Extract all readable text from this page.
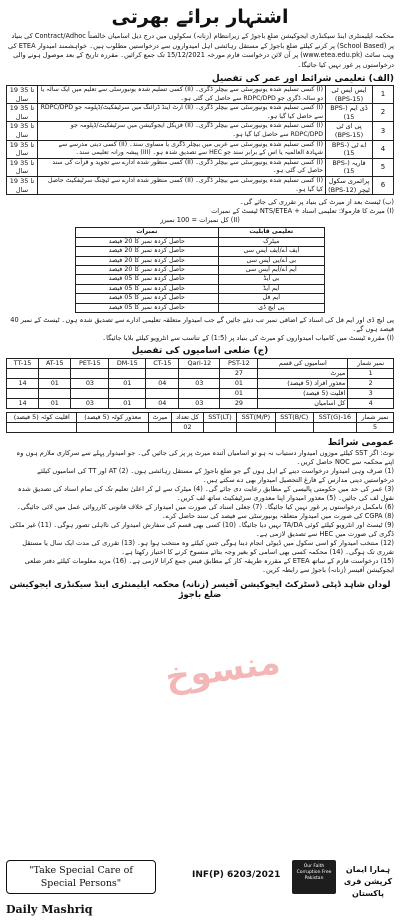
اشتہار برائے بھرتی
محکمہ ایلیمنٹری اینڈ سیکنڈری ایجوکیشن ضلع باجوڑ کے زیرانتظام (زنانہ) سکولوں میں درج ذیل اسامیاں خالصتاً Contract/Adhoc کی بنیاد پر (School Based) پر کرنے کیلئے ضلع باجوڑ کے مستقل رہائشی اہل امیدواروں سے درخواستیں مطلوب ہیں۔ خواہشمند امیدوار ETEA کی ویب سائٹ (www.etea.edu.pk) پر آن لائن درخواست فارم مورخہ 15/12/2021 تک جمع کرائیں۔ مقررہ تاریخ کے بعد موصول ہونے والی درخواستوں پر غور نہیں کیا جائیگا۔
(الف) تعلیمی شرائط اور عمر کی تفصیل
1	ایس ایس ٹی (BPS-15)	(I) کسی تسلیم شدہ یونیورسٹی سے بیچلر ڈگری۔ (II) کسی تسلیم شدہ یونیورسٹی سے تعلیم میں ایک سالہ یا دو سالہ ڈگری جو RDPC/DPD سے حاصل کی گئی ہو۔	19 تا 35 سال
2	ڈی ایم (BPS-15)	(I) کسی تسلیم شدہ یونیورسٹی سے بیچلر ڈگری۔ (II) آرٹ اینڈ ڈرائنگ میں سرٹیفکیٹ/ڈپلومہ جو RDPC/DPD سے حاصل کیا گیا ہو۔	19 تا 35 سال
3	پی ای ٹی (BPS-15)	(I) کسی تسلیم شدہ یونیورسٹی سے بیچلر ڈگری۔ (II) فزیکل ایجوکیشن میں سرٹیفکیٹ/ڈپلومہ جو RDPC/DPD سے حاصل کیا گیا ہو۔	19 تا 35 سال
4	اے ٹی (BPS-15)	(I) کسی تسلیم شدہ یونیورسٹی سے عربی میں بیچلر ڈگری یا مساوی سند۔ (II) کسی دینی مدرسے سے شہادۃ العالمیہ یا اس کے برابر سند جو HEC سے تصدیق شدہ ہو۔ (III) پیشہ ورانہ تعلیمی سند۔	19 تا 35 سال
5	قاریہ (BPS-15)	(I) کسی تسلیم شدہ یونیورسٹی سے بیچلر ڈگری۔ (II) کسی منظور شدہ ادارے سے تجوید و قرأت کی سند حاصل کی گئی ہو۔	19 تا 35 سال
6	پرائمری سکول ٹیچر (BPS-12)	(I) کسی تسلیم شدہ یونیورسٹی سے بیچلر ڈگری۔ (II) کسی منظور شدہ ادارے سے ٹیچنگ سرٹیفکیٹ حاصل کیا گیا ہو۔	19 تا 35 سال
(ب) ٹیسٹ بعد از میرٹ کی بنیاد پر تقرری کی جائے گی۔
(I) میرٹ کا فارمولا: تعلیمی اسناد + NTS/ETEA ٹیسٹ کے نمبرات
(II) کل نمبرات = 100 نمبرز
تعلیمی قابلیت	نمبرات
میٹرک	حاصل کردہ نمبر کا 20 فیصد
ایف اے/ایف ایس سی	حاصل کردہ نمبر کا 20 فیصد
بی اے/بی ایس سی	حاصل کردہ نمبر کا 20 فیصد
ایم اے/ایم ایس سی	حاصل کردہ نمبر کا 20 فیصد
بی ایڈ	حاصل کردہ نمبر کا 05 فیصد
ایم ایڈ	حاصل کردہ نمبر کا 05 فیصد
ایم فل	حاصل کردہ نمبر کا 05 فیصد
پی ایچ ڈی	حاصل کردہ نمبر کا 05 فیصد
پی ایچ ڈی اور ایم فل کی اسناد کے اضافی نمبر تب دیئے جائیں گے جب امیدوار متعلقہ تعلیمی ادارے سے تصدیق شدہ ہوں۔ ٹیسٹ کے نمبر 40 فیصد ہوں گے۔
(I) مقررہ ٹیسٹ میں کامیاب امیدواروں کو میرٹ کی بنیاد پر (1:5) کے تناسب سے انٹرویو کیلئے بلایا جائیگا۔
(ج) ضلعی اسامیوں کی تفصیل
TT-15	AT-15	PET-15	DM-15	CT-15	Qari-12	PST-12	اسامیوں کی قسم	نمبر شمار
						27	میرٹ	1
14	01	03	01	04	03	01	معذور افراد (5 فیصد)	2
						01	اقلیت (5 فیصد)	3
14	01	03	01	04	03	29	کل اسامیاں	4
اقلیت کوٹہ (5 فیصد)	معذور کوٹہ (5 فیصد)	میرٹ	کل تعداد	SST(LT)	SST(M/P)	SST(B/C)	SST(G)-16	نمبر شمار
			02					5
عمومی شرائط
نوٹ: اگر SST کیلئے موزوں امیدوار دستیاب نہ ہو تو اسامیاں آئندہ میرٹ پر پر کی جائیں گی۔ جو امیدوار پہلے سے سرکاری ملازم ہوں وہ اپنے محکمہ سے NOC حاصل کریں۔
(1) صرف وہی امیدوار درخواست دینے کے اہل ہوں گے جو ضلع باجوڑ کے مستقل رہائشی ہوں۔ (2) AT اور TT کی اسامیوں کیلئے درخواستیں دینی مدارس کے فارغ التحصیل امیدوار بھی دے سکتے ہیں۔
(3) عمر کی حد میں حکومتی پالیسی کے مطابق رعایت دی جائے گی۔ (4) میٹرک سے لے کر اعلیٰ تعلیم تک کی تمام اسناد کی تصدیق شدہ نقول لف کی جائیں۔ (5) معذور امیدوار اپنا معذوری سرٹیفکیٹ ساتھ لف کریں۔
(6) نامکمل درخواستوں پر غور نہیں کیا جائیگا۔ (7) جعلی اسناد کی صورت میں امیدوار کے خلاف قانونی کارروائی عمل میں لائی جائیگی۔ (8) CGPA کی صورت میں امیدوار متعلقہ یونیورسٹی سے فیصد کی سند حاصل کرے۔
(9) ٹیسٹ اور انٹرویو کیلئے کوئی TA/DA نہیں دیا جائیگا۔ (10) کسی بھی قسم کی سفارش امیدوار کی نااہلی تصور ہوگی۔ (11) غیر ملکی ڈگری کی صورت میں HEC سے تصدیق لازمی ہے۔
(12) منتخب امیدوار کو اسی سکول میں ڈیوٹی انجام دینا ہوگی جس کیلئے وہ منتخب ہوا ہو۔ (13) تقرری کی مدت ایک سال یا مستقل تقرری تک ہوگی۔ (14) محکمہ کسی بھی اسامی کو بغیر وجہ بتائے منسوخ کرنے کا اختیار رکھتا ہے۔
(15) درخواست فارم کے ساتھ ETEA کے مقررہ طریقہ کار کے مطابق فیس جمع کرانا لازمی ہے۔ (16) مزید معلومات کیلئے دفتر ضلعی ایجوکیشن آفیسر (زنانہ) باجوڑ سے رابطہ کریں۔
لودان شاہد ڈپٹی ڈسٹرکٹ ایجوکیشن آفیسر (زنانہ) محکمہ ایلیمنٹری اینڈ سیکنڈری ایجوکیشن ضلع باجوڑ
منسوخ
"Take Special Care of
Special Persons"
INF(P) 6203/2021
Our Faith Corruption Free Pakistan
ہمارا ایمان کرپشن فری پاکستان
Daily Mashriq
